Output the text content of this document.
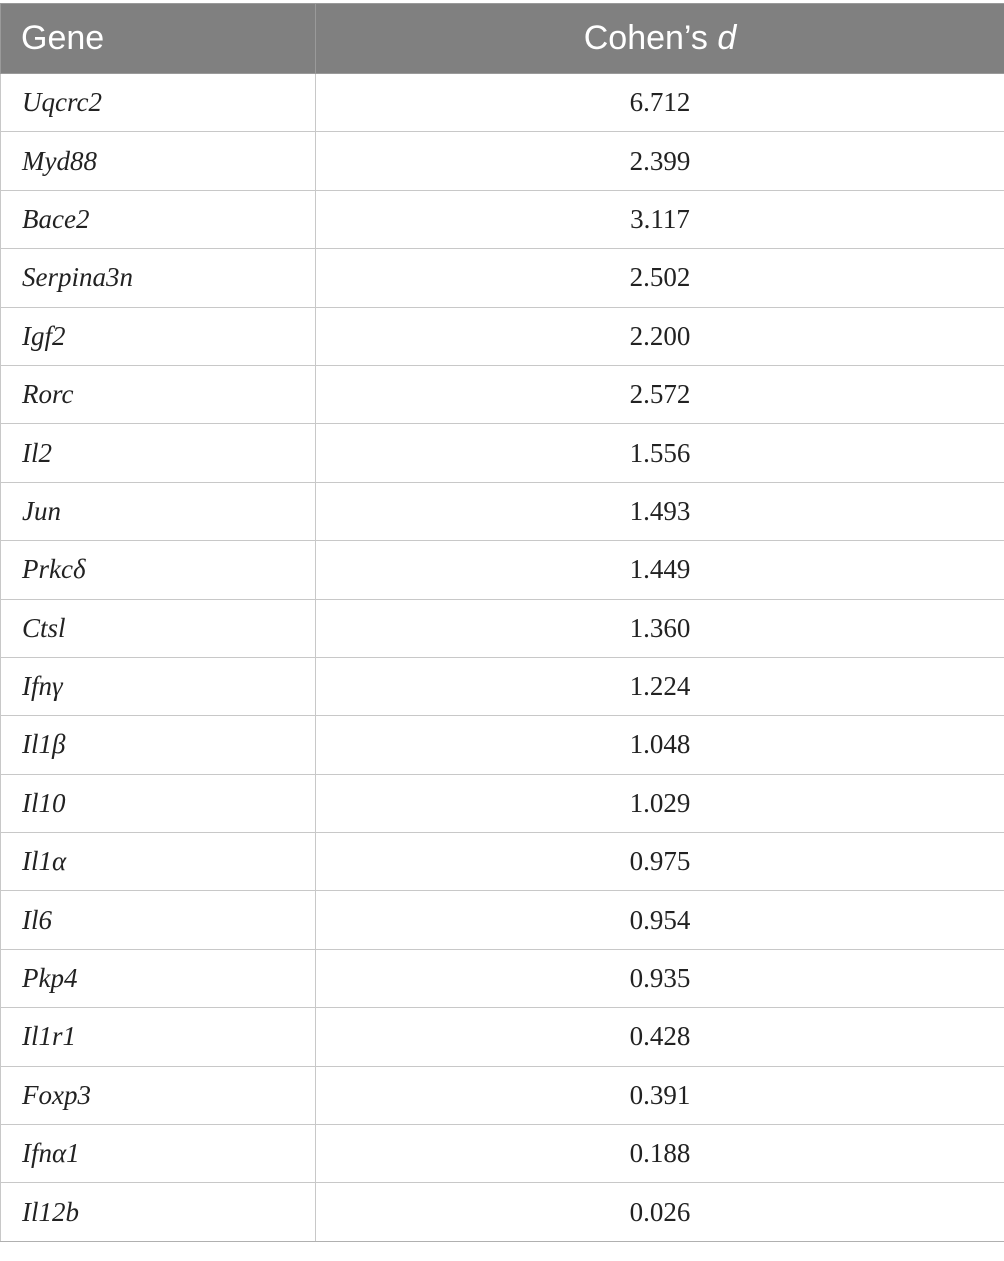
Gene	Cohen’s d
Uqcrc2	6.712
Myd88	2.399
Bace2	3.117
Serpina3n	2.502
Igf2	2.200
Rorc	2.572
Il2	1.556
Jun	1.493
Prkcδ	1.449
Ctsl	1.360
Ifnγ	1.224
Il1β	1.048
Il10	1.029
Il1α	0.975
Il6	0.954
Pkp4	0.935
Il1r1	0.428
Foxp3	0.391
Ifnα1	0.188
Il12b	0.026
